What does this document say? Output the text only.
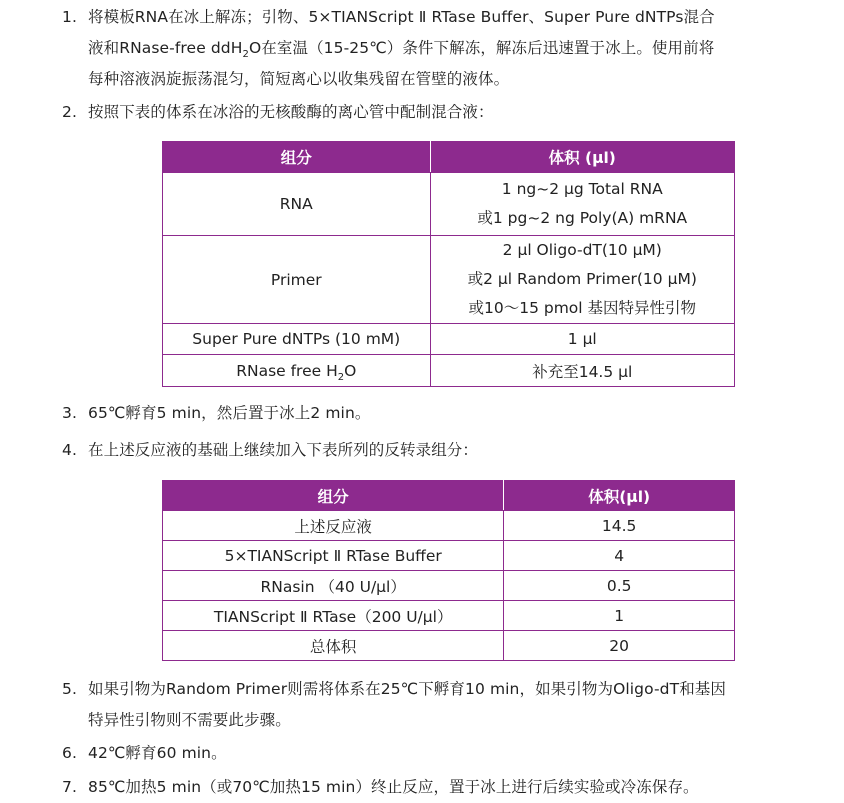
1. 将模板RNA在冰上解冻；引物、5×TIANScript Ⅱ RTase Buffer、Super Pure dNTPs混合
液和RNase-free ddH$_2$O在室温（15-25℃）条件下解冻，解冻后迅速置于冰上。使用前将
每种溶液涡旋振荡混匀，简短离心以收集残留在管壁的液体。
2. 按照下表的体系在冰浴的无核酸酶的离心管中配制混合液：
组分	体积 (μl)
RNA	1 ng~2 μg Total RNA
或1 pg~2 ng Poly(A) mRNA

Primer	2 μl Oligo-dT(10 μM)
或2 μl Random Primer(10 μM)
或10～15 pmol 基因特异性引物

Super Pure dNTPs (10 mM)	1 μl
RNase free $H_2O$	补充至14.5 μl
3. 65℃孵育5 min，然后置于冰上2 min。
4. 在上述反应液的基础上继续加入下表所列的反转录组分：
组分	体积(μl)
上述反应液	14.5
5×TIANScript Ⅱ RTase Buffer	4
RNasin （40 U/μl）	0.5
TIANScript Ⅱ RTase（200 U/μl）	1
总体积	20
5. 如果引物为Random Primer则需将体系在25℃下孵育10 min，如果引物为Oligo-dT和基因
特异性引物则不需要此步骤。
6. 42℃孵育60 min。
7. 85℃加热5 min（或70℃加热15 min）终止反应，置于冰上进行后续实验或冷冻保存。
